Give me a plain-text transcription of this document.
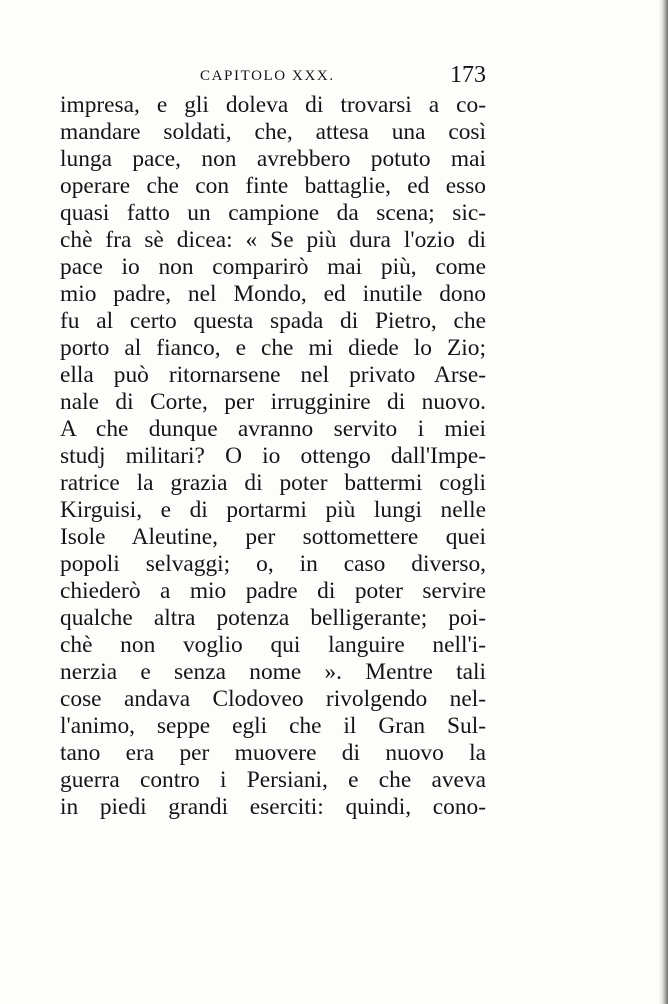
CAPITOLO XXX.	173
impresa, e gli doleva di trovarsi a co-
mandare soldati, che, attesa una così
lunga pace, non avrebbero potuto mai
operare che con finte battaglie, ed esso
quasi fatto un campione da scena; sic-
chè fra sè dicea: « Se più dura l'ozio di
pace io non comparirò mai più, come
mio padre, nel Mondo, ed inutile dono
fu al certo questa spada di Pietro, che
porto al fianco, e che mi diede lo Zio;
ella può ritornarsene nel privato Arse-
nale di Corte, per irrugginire di nuovo.
A che dunque avranno servito i miei
studj militari? O io ottengo dall'Impe-
ratrice la grazia di poter battermi cogli
Kirguisi, e di portarmi più lungi nelle
Isole Aleutine, per sottomettere quei
popoli selvaggi; o, in caso diverso,
chiederò a mio padre di poter servire
qualche altra potenza belligerante; poi-
chè non voglio qui languire nell'i-
nerzia e senza nome ». Mentre tali
cose andava Clodoveo rivolgendo nel-
l'animo, seppe egli che il Gran Sul-
tano era per muovere di nuovo la
guerra contro i Persiani, e che aveva
in piedi grandi eserciti: quindi, cono-
